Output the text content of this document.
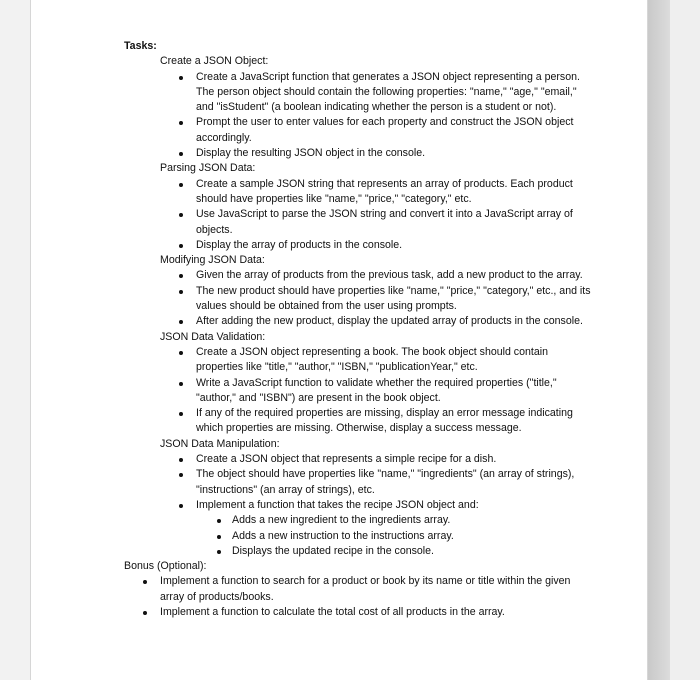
Tasks:
Create a JSON Object:
Create a JavaScript function that generates a JSON object representing a person. The person object should contain the following properties: "name," "age," "email," and "isStudent" (a boolean indicating whether the person is a student or not).
Prompt the user to enter values for each property and construct the JSON object accordingly.
Display the resulting JSON object in the console.
Parsing JSON Data:
Create a sample JSON string that represents an array of products. Each product should have properties like "name," "price," "category," etc.
Use JavaScript to parse the JSON string and convert it into a JavaScript array of objects.
Display the array of products in the console.
Modifying JSON Data:
Given the array of products from the previous task, add a new product to the array.
The new product should have properties like "name," "price," "category," etc., and its values should be obtained from the user using prompts.
After adding the new product, display the updated array of products in the console.
JSON Data Validation:
Create a JSON object representing a book. The book object should contain properties like "title," "author," "ISBN," "publicationYear," etc.
Write a JavaScript function to validate whether the required properties ("title," "author," and "ISBN") are present in the book object.
If any of the required properties are missing, display an error message indicating which properties are missing. Otherwise, display a success message.
JSON Data Manipulation:
Create a JSON object that represents a simple recipe for a dish.
The object should have properties like "name," "ingredients" (an array of strings), "instructions" (an array of strings), etc.
Implement a function that takes the recipe JSON object and:
Adds a new ingredient to the ingredients array.
Adds a new instruction to the instructions array.
Displays the updated recipe in the console.
Bonus (Optional):
Implement a function to search for a product or book by its name or title within the given array of products/books.
Implement a function to calculate the total cost of all products in the array.
